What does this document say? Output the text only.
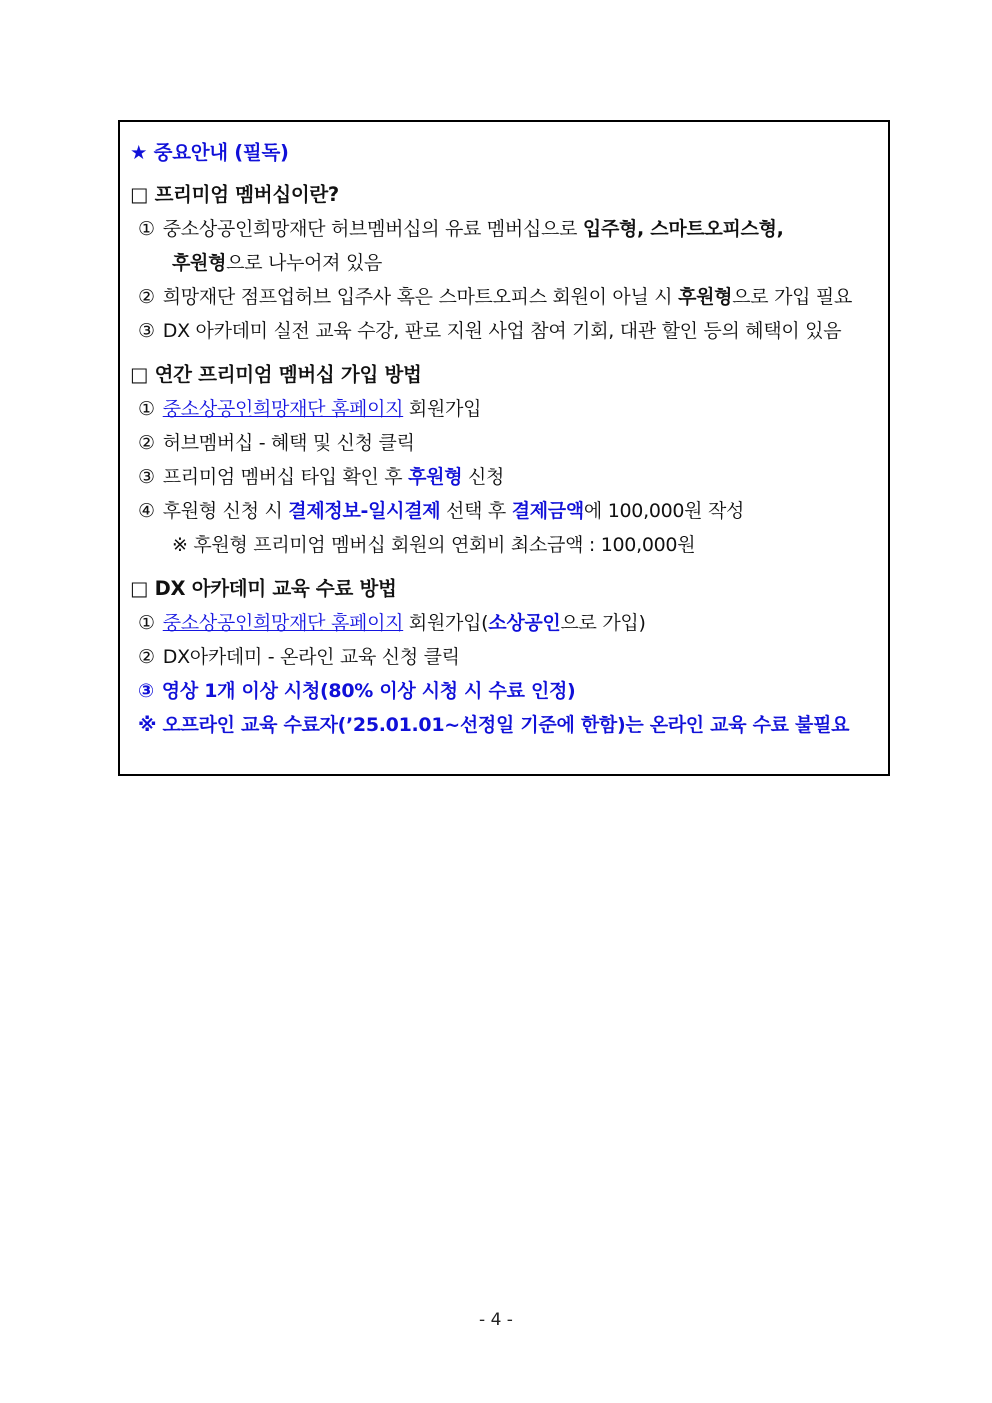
★ 중요안내 (필독)
□ 프리미엄 멤버십이란?
① 중소상공인희망재단 허브멤버십의 유료 멤버십으로 입주형, 스마트오피스형,
후원형으로 나누어져 있음
② 희망재단 점프업허브 입주사 혹은 스마트오피스 회원이 아닐 시 후원형으로 가입 필요
③ DX 아카데미 실전 교육 수강, 판로 지원 사업 참여 기회, 대관 할인 등의 혜택이 있음
□ 연간 프리미엄 멤버십 가입 방법
① 중소상공인희망재단 홈페이지 회원가입
② 허브멤버십 - 혜택 및 신청 클릭
③ 프리미엄 멤버십 타입 확인 후 후원형 신청
④ 후원형 신청 시 결제정보-일시결제 선택 후 결제금액에 100,000원 작성
※ 후원형 프리미엄 멤버십 회원의 연회비 최소금액 : 100,000원
□ DX 아카데미 교육 수료 방법
① 중소상공인희망재단 홈페이지 회원가입(소상공인으로 가입)
② DX아카데미 - 온라인 교육 신청 클릭
③ 영상 1개 이상 시청(80% 이상 시청 시 수료 인정)
※ 오프라인 교육 수료자(’25.01.01~선정일 기준에 한함)는 온라인 교육 수료 불필요
- 4 -
